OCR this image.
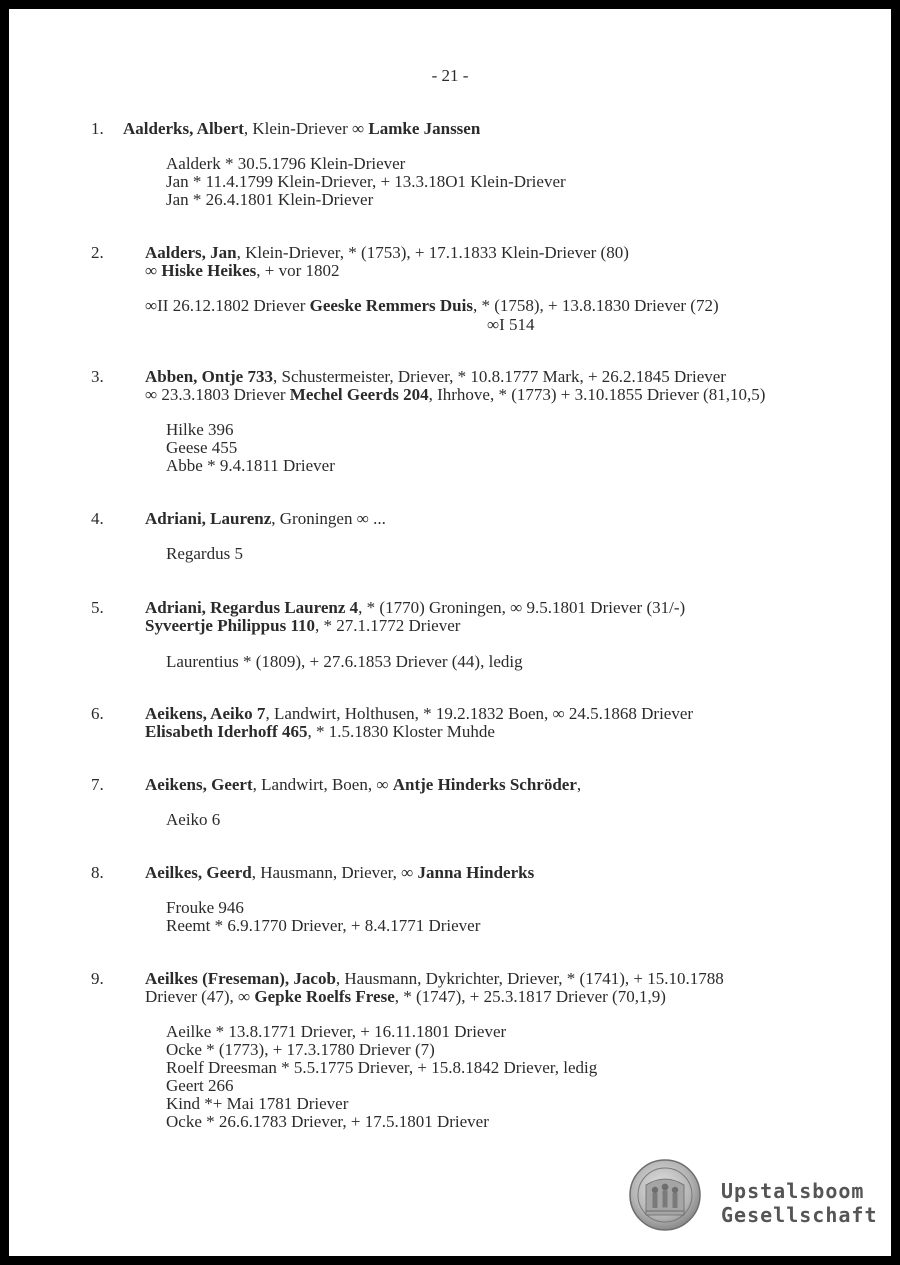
- 21 -
1. Aalderks, Albert, Klein-Driever ∞ Lamke Janssen
Aalderk * 30.5.1796 Klein-Driever
Jan * 11.4.1799 Klein-Driever, + 13.3.18O1 Klein-Driever
Jan * 26.4.1801 Klein-Driever
2. Aalders, Jan, Klein-Driever, * (1753), + 17.1.1833 Klein-Driever (80)
∞ Hiske Heikes, + vor 1802
∞II 26.12.1802 Driever Geeske Remmers Duis, * (1758), + 13.8.1830 Driever (72)
∞I 514
3. Abben, Ontje 733, Schustermeister, Driever, * 10.8.1777 Mark, + 26.2.1845 Driever
∞ 23.3.1803 Driever Mechel Geerds 204, Ihrhove, * (1773) + 3.10.1855 Driever (81,10,5)
Hilke 396
Geese 455
Abbe * 9.4.1811 Driever
4. Adriani, Laurenz, Groningen ∞ ...
Regardus 5
5. Adriani, Regardus Laurenz 4, * (1770) Groningen, ∞ 9.5.1801 Driever (31/-)
Syveertje Philippus 110, * 27.1.1772 Driever
Laurentius * (1809), + 27.6.1853 Driever (44), ledig
6. Aeikens, Aeiko 7, Landwirt, Holthusen, * 19.2.1832 Boen, ∞ 24.5.1868 Driever
Elisabeth Iderhoff 465, * 1.5.1830 Kloster Muhde
7. Aeikens, Geert, Landwirt, Boen, ∞ Antje Hinderks Schröder,
Aeiko 6
8. Aeilkes, Geerd, Hausmann, Driever, ∞ Janna Hinderks
Frouke 946
Reemt * 6.9.1770 Driever, + 8.4.1771 Driever
9. Aeilkes (Freseman), Jacob, Hausmann, Dykrichter, Driever, * (1741), + 15.10.1788
Driever (47), ∞ Gepke Roelfs Frese, * (1747), + 25.3.1817 Driever (70,1,9)
Aeilke * 13.8.1771 Driever, + 16.11.1801 Driever
Ocke * (1773), + 17.3.1780 Driever (7)
Roelf Dreesman * 5.5.1775 Driever, + 15.8.1842 Driever, ledig
Geert 266
Kind *+ Mai 1781 Driever
Ocke * 26.6.1783 Driever, + 17.5.1801 Driever
Upstalsboom
Gesellschaft
